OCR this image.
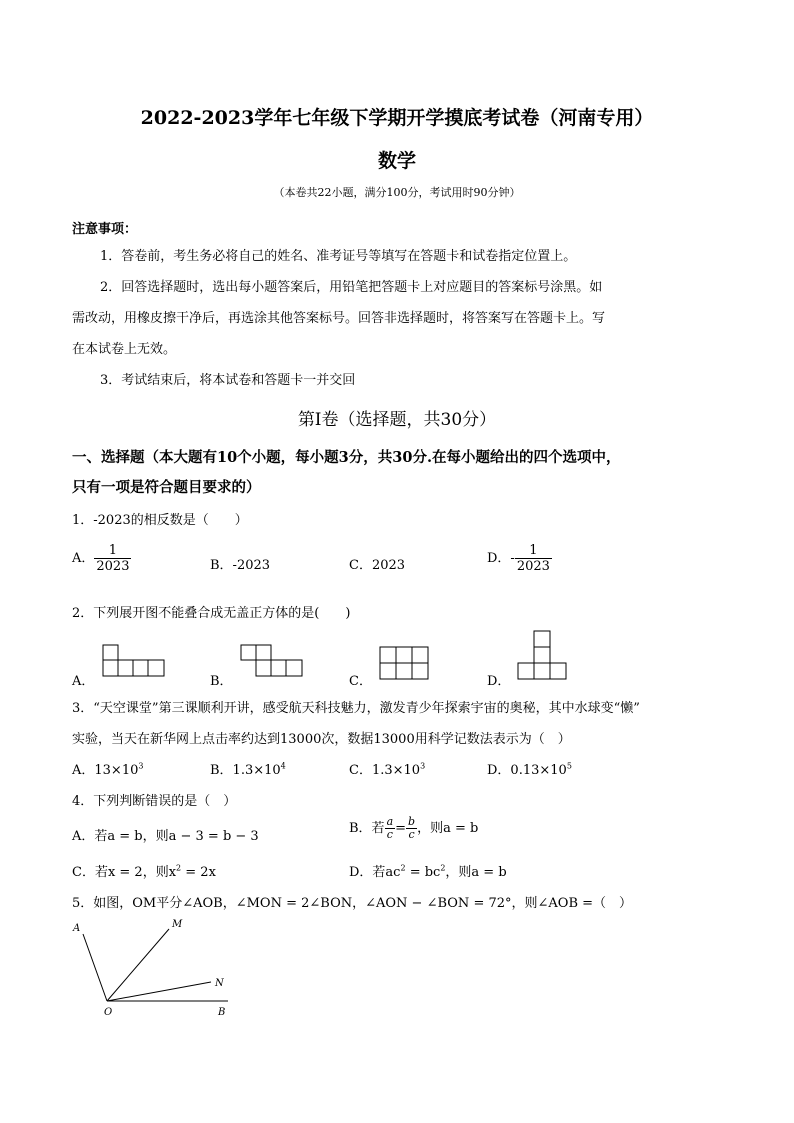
2022-2023学年七年级下学期开学摸底考试卷（河南专用）
数学
（本卷共22小题，满分100分，考试用时90分钟）
注意事项：
1．答卷前，考生务必将自己的姓名、准考证号等填写在答题卡和试卷指定位置上。
2．回答选择题时，选出每小题答案后，用铅笔把答题卡上对应题目的答案标号涂黑。如
需改动，用橡皮擦干净后，再选涂其他答案标号。回答非选择题时，将答案写在答题卡上。写
在本试卷上无效。
3．考试结束后，将本试卷和答题卡一并交回
第Ⅰ卷（选择题，共30分）
一、选择题（本大题有10个小题，每小题3分，共30分.在每小题给出的四个选项中，
只有一项是符合题目要求的）
1．-2023的相反数是（　　）
A． $\frac{1}{2023}$	B．-2023	C．2023	D．- $\frac{1}{2023}$
2．下列展开图不能叠合成无盖正方体的是(　　)
A．	B．	C．	D．
3．“天空课堂”第三课顺利开讲，感受航天科技魅力，激发青少年探索宇宙的奥秘，其中水球变“懒”
实验，当天在新华网上点击率约达到13000次，数据13000用科学记数法表示为（　）
A．$13\times 10^3$	B．$1.3\times 10^4$	C．$1.3\times 10^3$	D．$0.13\times 10^5$
4．下列判断错误的是（　）
A．若a = b，则a − 3 = b − 3
B．若 $\frac{a}{c} = \frac{b}{c}$ ，则a = b
C．若x = 2，则$x^2 = 2x$	D．若$ac^2 = bc^2$，则a = b
5．如图，OM平分∠AOB，∠MON = 2∠BON，∠AON − ∠BON = 72°，则∠AOB =（　）
A	M
N
O	B
